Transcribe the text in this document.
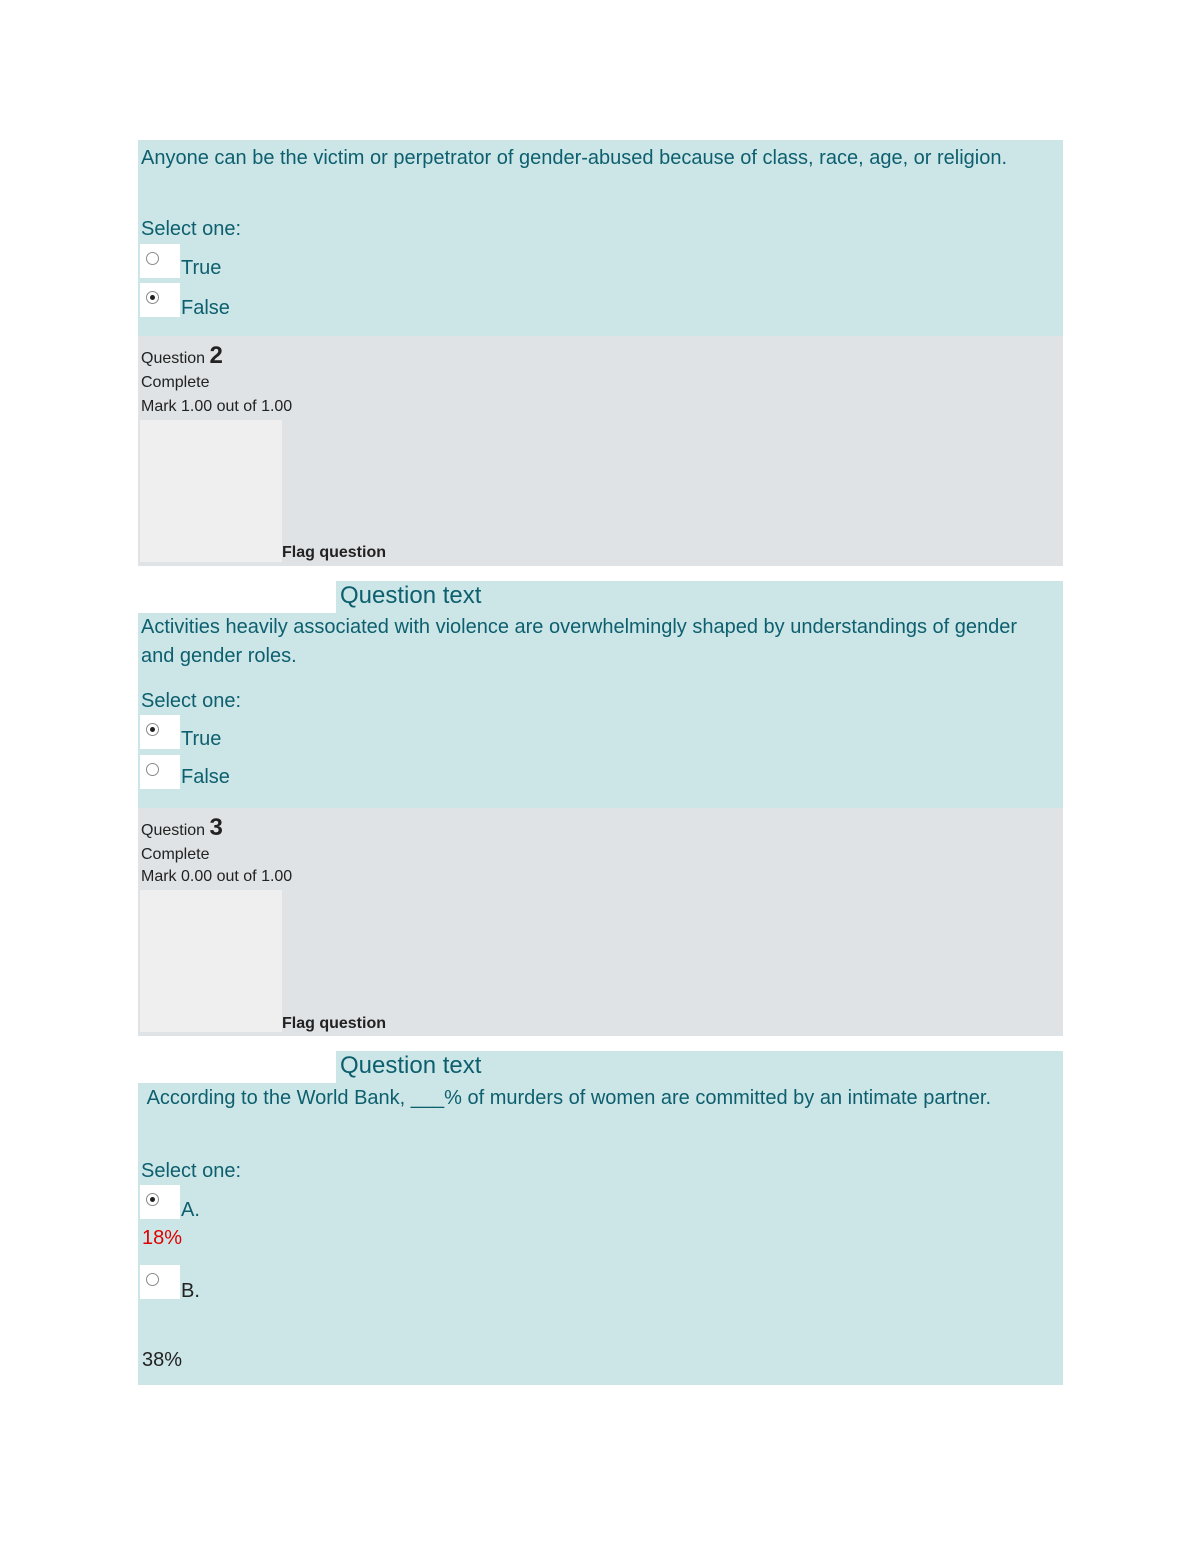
Anyone can be the victim or perpetrator of gender-abused because of class, race, age, or religion.
Select one:
True
False
Question 2
Complete
Mark 1.00 out of 1.00
Flag question
Question text
Activities heavily associated with violence are overwhelmingly shaped by understandings of gender and gender roles.
Select one:
True
False
Question 3
Complete
Mark 0.00 out of 1.00
Flag question
Question text
According to the World Bank, ___% of murders of women are committed by an intimate partner.
Select one:
A.
18%
B.
38%
